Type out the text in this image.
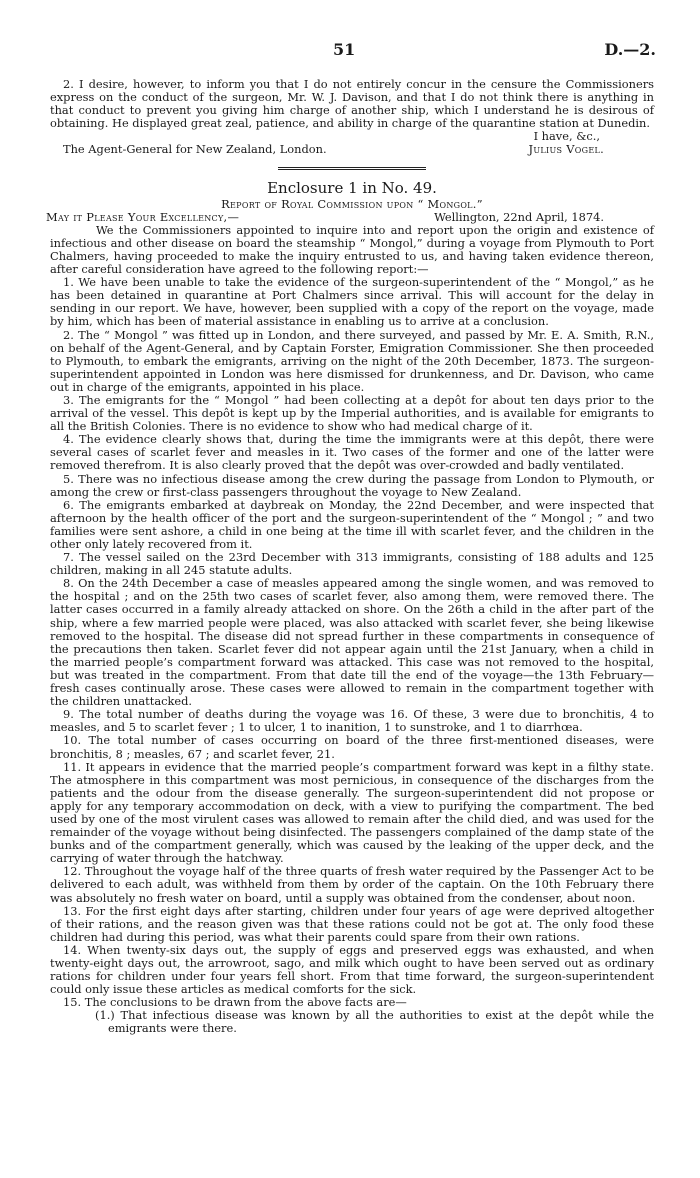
51	D.—2.

2. I desire, however, to inform you that I do not entirely concur in the censure the Commissioners express on the conduct of the surgeon, Mr. W. J. Davison, and that I do not think there is anything in that conduct to prevent you giving him charge of another ship, which I understand he is desirous of obtaining. He displayed great zeal, patience, and ability in charge of the quarantine station at Dunedin.

I have, &c.,

The Agent-General for New Zealand, London.	Julius Vogel.

Enclosure 1 in No. 49.

Report of Royal Commission upon “ Mongol.”

May it Please Your Excellency,—	Wellington, 22nd April, 1874.

We the Commissioners appointed to inquire into and report upon the origin and existence of infectious and other disease on board the steamship “ Mongol,” during a voyage from Plymouth to Port Chalmers, having proceeded to make the inquiry entrusted to us, and having taken evidence thereon, after careful consideration have agreed to the following report:—

1. We have been unable to take the evidence of the surgeon-superintendent of the “ Mongol,” as he has been detained in quarantine at Port Chalmers since arrival. This will account for the delay in sending in our report. We have, however, been supplied with a copy of the report on the voyage, made by him, which has been of material assistance in enabling us to arrive at a conclusion.

2. The “ Mongol ” was fitted up in London, and there surveyed, and passed by Mr. E. A. Smith, R.N., on behalf of the Agent-General, and by Captain Forster, Emigration Commissioner. She then proceeded to Plymouth, to embark the emigrants, arriving on the night of the 20th December, 1873. The surgeon-superintendent appointed in London was here dismissed for drunkenness, and Dr. Davison, who came out in charge of the emigrants, appointed in his place.

3. The emigrants for the “ Mongol ” had been collecting at a depôt for about ten days prior to the arrival of the vessel. This depôt is kept up by the Imperial authorities, and is available for emigrants to all the British Colonies. There is no evidence to show who had medical charge of it.

4. The evidence clearly shows that, during the time the immigrants were at this depôt, there were several cases of scarlet fever and measles in it. Two cases of the former and one of the latter were removed therefrom. It is also clearly proved that the depôt was over-crowded and badly ventilated.

5. There was no infectious disease among the crew during the passage from London to Plymouth, or among the crew or first-class passengers throughout the voyage to New Zealand.

6. The emigrants embarked at daybreak on Monday, the 22nd December, and were inspected that afternoon by the health officer of the port and the surgeon-superintendent of the “ Mongol ; ” and two families were sent ashore, a child in one being at the time ill with scarlet fever, and the children in the other only lately recovered from it.

7. The vessel sailed on the 23rd December with 313 immigrants, consisting of 188 adults and 125 children, making in all 245 statute adults.

8. On the 24th December a case of measles appeared among the single women, and was removed to the hospital ; and on the 25th two cases of scarlet fever, also among them, were removed there. The latter cases occurred in a family already attacked on shore. On the 26th a child in the after part of the ship, where a few married people were placed, was also attacked with scarlet fever, she being likewise removed to the hospital. The disease did not spread further in these compartments in consequence of the precautions then taken. Scarlet fever did not appear again until the 21st January, when a child in the married people’s compartment forward was attacked. This case was not removed to the hospital, but was treated in the compartment. From that date till the end of the voyage—the 13th February—fresh cases continually arose. These cases were allowed to remain in the compartment together with the children unattacked.

9. The total number of deaths during the voyage was 16. Of these, 3 were due to bronchitis, 4 to measles, and 5 to scarlet fever ; 1 to ulcer, 1 to inanition, 1 to sunstroke, and 1 to diarrhœa.

10. The total number of cases occurring on board of the three first-mentioned diseases, were bronchitis, 8 ; measles, 67 ; and scarlet fever, 21.

11. It appears in evidence that the married people’s compartment forward was kept in a filthy state. The atmosphere in this compartment was most pernicious, in consequence of the discharges from the patients and the odour from the disease generally. The surgeon-superintendent did not propose or apply for any temporary accommodation on deck, with a view to purifying the compartment. The bed used by one of the most virulent cases was allowed to remain after the child died, and was used for the remainder of the voyage without being disinfected. The passengers complained of the damp state of the bunks and of the compartment generally, which was caused by the leaking of the upper deck, and the carrying of water through the hatchway.

12. Throughout the voyage half of the three quarts of fresh water required by the Passenger Act to be delivered to each adult, was withheld from them by order of the captain. On the 10th February there was absolutely no fresh water on board, until a supply was obtained from the condenser, about noon.

13. For the first eight days after starting, children under four years of age were deprived altogether of their rations, and the reason given was that these rations could not be got at. The only food these children had during this period, was what their parents could spare from their own rations.

14. When twenty-six days out, the supply of eggs and preserved eggs was exhausted, and when twenty-eight days out, the arrowroot, sago, and milk which ought to have been served out as ordinary rations for children under four years fell short. From that time forward, the surgeon-superintendent could only issue these articles as medical comforts for the sick.

15. The conclusions to be drawn from the above facts are—

(1.) That infectious disease was known by all the authorities to exist at the depôt while the emigrants were there.
